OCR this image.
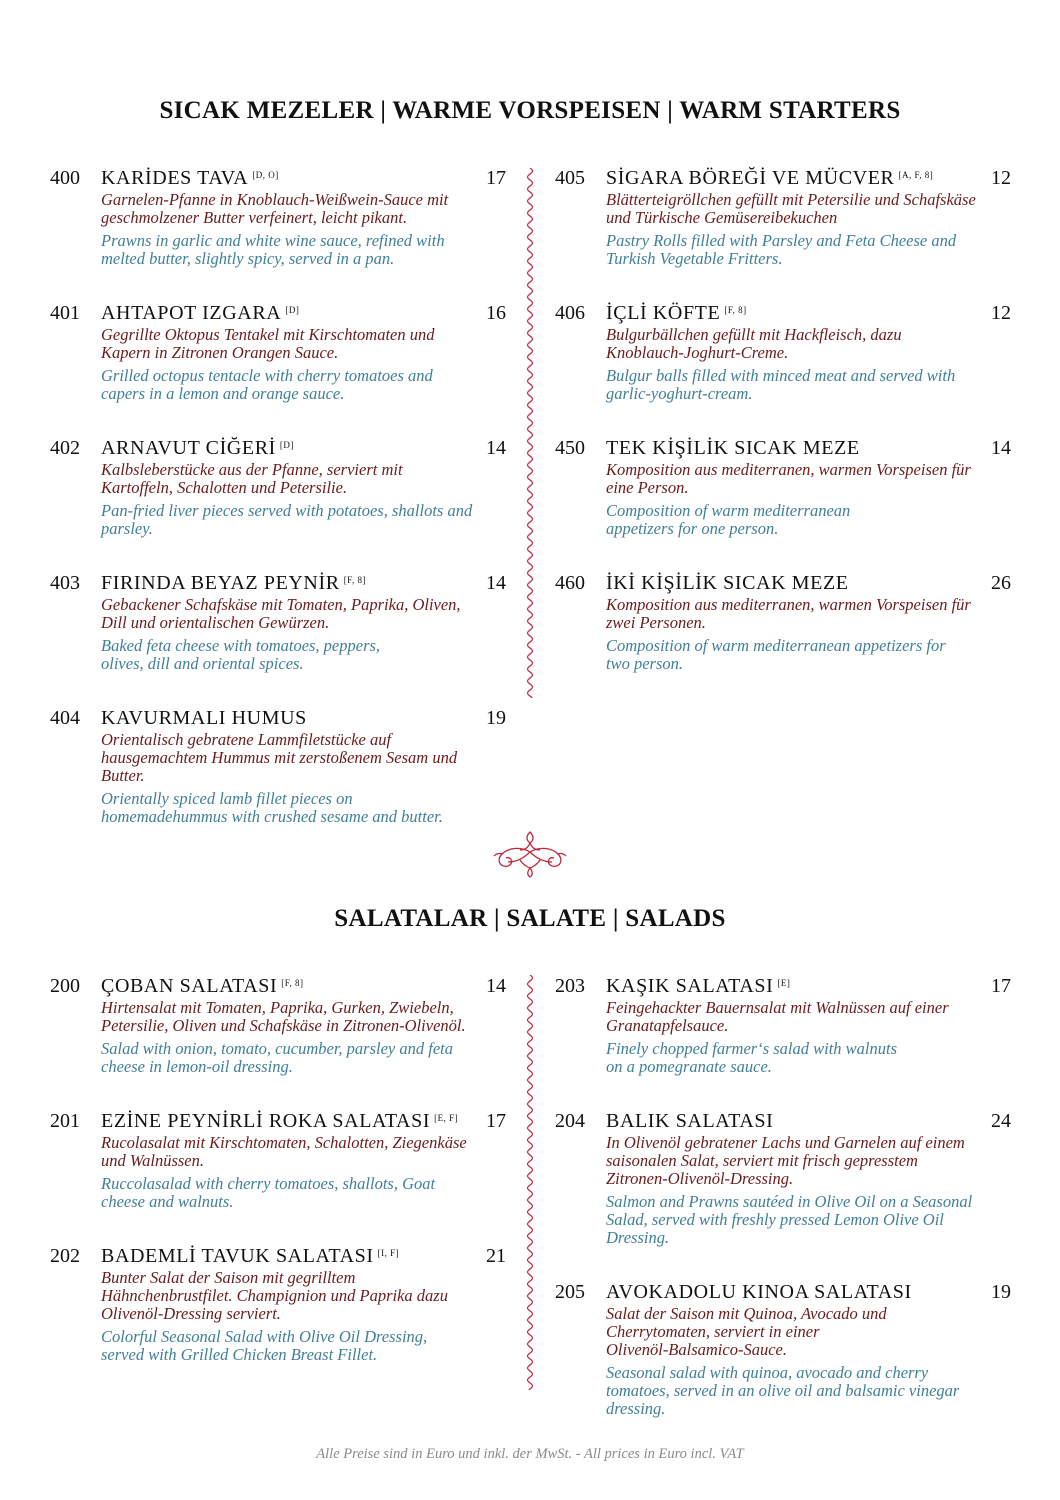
SICAK MEZELER | WARME VORSPEISEN | WARM STARTERS
400	KARİDES TAVA [D, O]	17
Garnelen-Pfanne in Knoblauch-Weißwein-Sauce mit
geschmolzener Butter verfeinert, leicht pikant.
Prawns in garlic and white wine sauce, refined with
melted butter, slightly spicy, served in a pan.
401	AHTAPOT IZGARA [D]	16
Gegrillte Oktopus Tentakel mit Kirschtomaten und
Kapern in Zitronen Orangen Sauce.
Grilled octopus tentacle with cherry tomatoes and
capers in a lemon and orange sauce.
402	ARNAVUT CİĞERİ [D]	14
Kalbsleberstücke aus der Pfanne, serviert mit
Kartoffeln, Schalotten und Petersilie.
Pan-fried liver pieces served with potatoes, shallots and
parsley.
403	FIRINDA BEYAZ PEYNİR [F, 8]	14
Gebackener Schafskäse mit Tomaten, Paprika, Oliven,
Dill und orientalischen Gewürzen.
Baked feta cheese with tomatoes, peppers,
olives, dill and oriental spices.
404	KAVURMALI HUMUS	19
Orientalisch gebratene Lammfiletstücke auf
hausgemachtem Hummus mit zerstoßenem Sesam und
Butter.
Orientally spiced lamb fillet pieces on
homemadehummus with crushed sesame and butter.
405	SİGARA BÖREĞİ VE MÜCVER [A, F, 8]	12
Blätterteigröllchen gefüllt mit Petersilie und Schafskäse
und Türkische Gemüsereibekuchen
Pastry Rolls filled with Parsley and Feta Cheese and
Turkish Vegetable Fritters.
406	İÇLİ KÖFTE [F, 8]	12
Bulgurbällchen gefüllt mit Hackfleisch, dazu
Knoblauch-Joghurt-Creme.
Bulgur balls filled with minced meat and served with
garlic-yoghurt-cream.
450	TEK KİŞİLİK SICAK MEZE	14
Komposition aus mediterranen, warmen Vorspeisen für
eine Person.
Composition of warm mediterranean
appetizers for one person.
460	İKİ KİŞİLİK SICAK MEZE	26
Komposition aus mediterranen, warmen Vorspeisen für
zwei Personen.
Composition of warm mediterranean appetizers for
two person.
SALATALAR | SALATE | SALADS
200	ÇOBAN SALATASI [F, 8]	14
Hirtensalat mit Tomaten, Paprika, Gurken, Zwiebeln,
Petersilie, Oliven und Schafskäse in Zitronen-Olivenöl.
Salad with onion, tomato, cucumber, parsley and feta
cheese in lemon-oil dressing.
201	EZİNE PEYNİRLİ ROKA SALATASI [E, F] 17
Rucolasalat mit Kirschtomaten, Schalotten, Ziegenkäse
und Walnüssen.
Ruccolasalad with cherry tomatoes, shallots, Goat
cheese and walnuts.
202	BADEMLİ TAVUK SALATASI [I, F]	21
Bunter Salat der Saison mit gegrilltem
Hähnchenbrustfilet. Champignion und Paprika dazu
Olivenöl-Dressing serviert.
Colorful Seasonal Salad with Olive Oil Dressing,
served with Grilled Chicken Breast Fillet.
203	KAŞIK SALATASI [E]	17
Feingehackter Bauernsalat mit Walnüssen auf einer
Granatapfelsauce.
Finely chopped farmer‘s salad with walnuts
on a pomegranate sauce.
204	BALIK SALATASI	24
In Olivenöl gebratener Lachs und Garnelen auf einem
saisonalen Salat, serviert mit frisch gepresstem
Zitronen-Olivenöl-Dressing.
Salmon and Prawns sautéed in Olive Oil on a Seasonal
Salad, served with freshly pressed Lemon Olive Oil
Dressing.
205	AVOKADOLU KINOA SALATASI	19
Salat der Saison mit Quinoa, Avocado und
Cherrytomaten, serviert in einer
Olivenöl-Balsamico-Sauce.
Seasonal salad with quinoa, avocado and cherry
tomatoes, served in an olive oil and balsamic vinegar
dressing.
Alle Preise sind in Euro und inkl. der MwSt. - All prices in Euro incl. VAT
